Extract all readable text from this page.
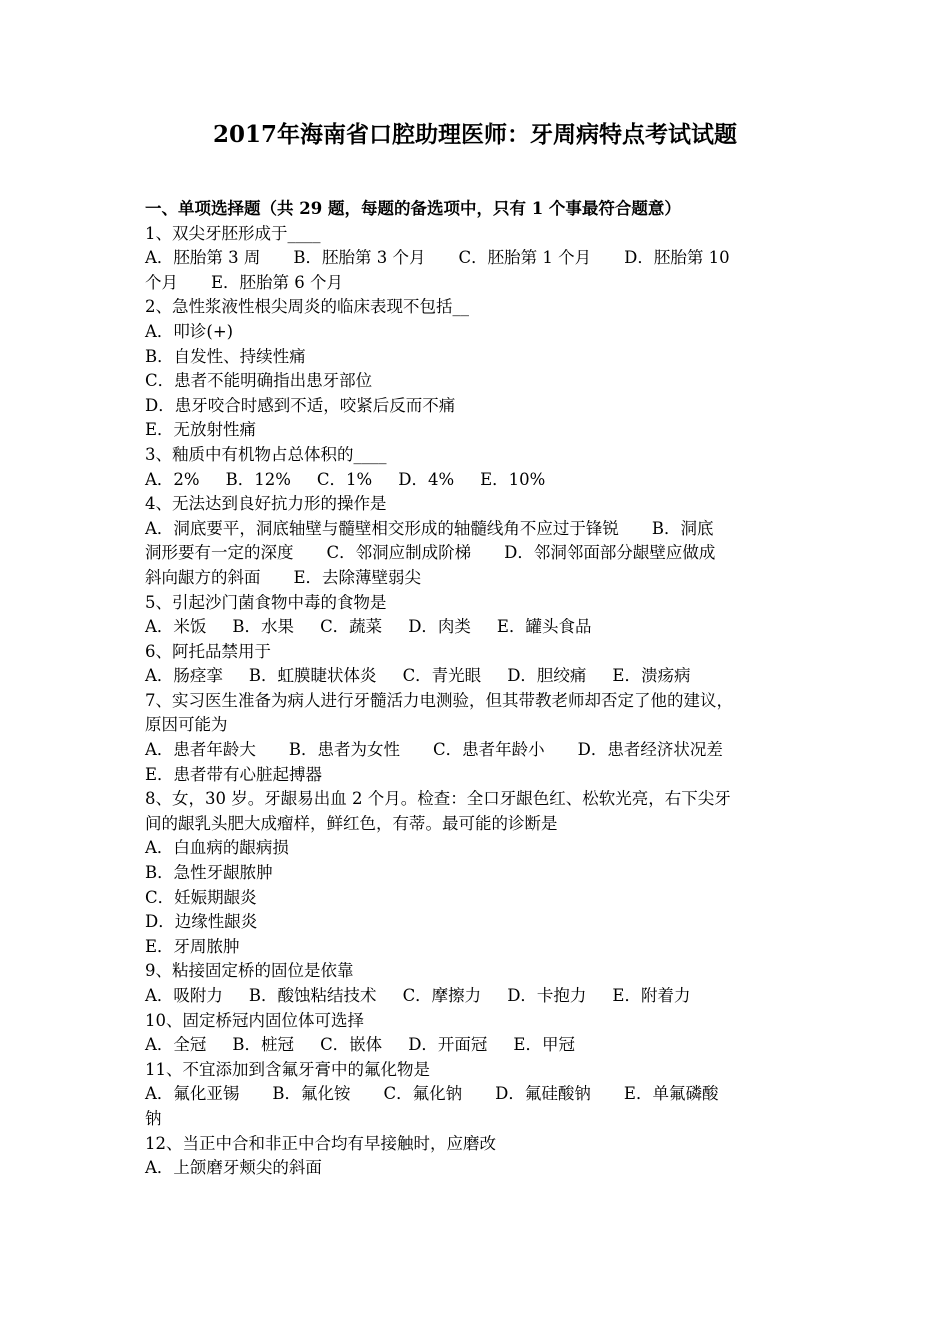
2017年海南省口腔助理医师：牙周病特点考试试题
一、单项选择题（共 29 题，每题的备选项中，只有 1 个事最符合题意）
1、双尖牙胚形成于____
A．胚胎第 3 周　　B．胚胎第 3 个月　　C．胚胎第 1 个月　　D．胚胎第 10
个月　　E．胚胎第 6 个月
2、急性浆液性根尖周炎的临床表现不包括__
A．叩诊(+)
B．自发性、持续性痛
C．患者不能明确指出患牙部位
D．患牙咬合时感到不适，咬紧后反而不痛
E．无放射性痛
3、釉质中有机物占总体积的____
A．2% B．12% C．1% D．4% E．10%
4、无法达到良好抗力形的操作是
A．洞底要平，洞底轴壁与髓壁相交形成的轴髓线角不应过于锋锐　　B．洞底
洞形要有一定的深度　　C．邻洞应制成阶梯　　D．邻洞邻面部分龈壁应做成
斜向龈方的斜面　　E．去除薄壁弱尖
5、引起沙门菌食物中毒的食物是
A．米饭 B．水果 C．蔬菜 D．肉类 E．罐头食品
6、阿托品禁用于
A．肠痉挛 B．虹膜睫状体炎 C．青光眼 D．胆绞痛 E．溃疡病
7、实习医生准备为病人进行牙髓活力电测验，但其带教老师却否定了他的建议，
原因可能为
A．患者年龄大　　B．患者为女性　　C．患者年龄小　　D．患者经济状况差
E．患者带有心脏起搏器
8、女，30 岁。牙龈易出血 2 个月。检查：全口牙龈色红、松软光亮，右下尖牙
间的龈乳头肥大成瘤样，鲜红色，有蒂。最可能的诊断是
A．白血病的龈病损
B．急性牙龈脓肿
C．妊娠期龈炎
D．边缘性龈炎
E．牙周脓肿
9、粘接固定桥的固位是依靠
A．吸附力 B．酸蚀粘结技术 C．摩擦力 D．卡抱力 E．附着力
10、固定桥冠内固位体可选择
A．全冠 B．桩冠 C．嵌体 D．开面冠 E．甲冠
11、不宜添加到含氟牙膏中的氟化物是
A．氟化亚锡　　B．氟化铵　　C．氟化钠　　D．氟硅酸钠　　E．单氟磷酸
钠
12、当正中合和非正中合均有早接触时，应磨改
A．上颌磨牙颊尖的斜面
